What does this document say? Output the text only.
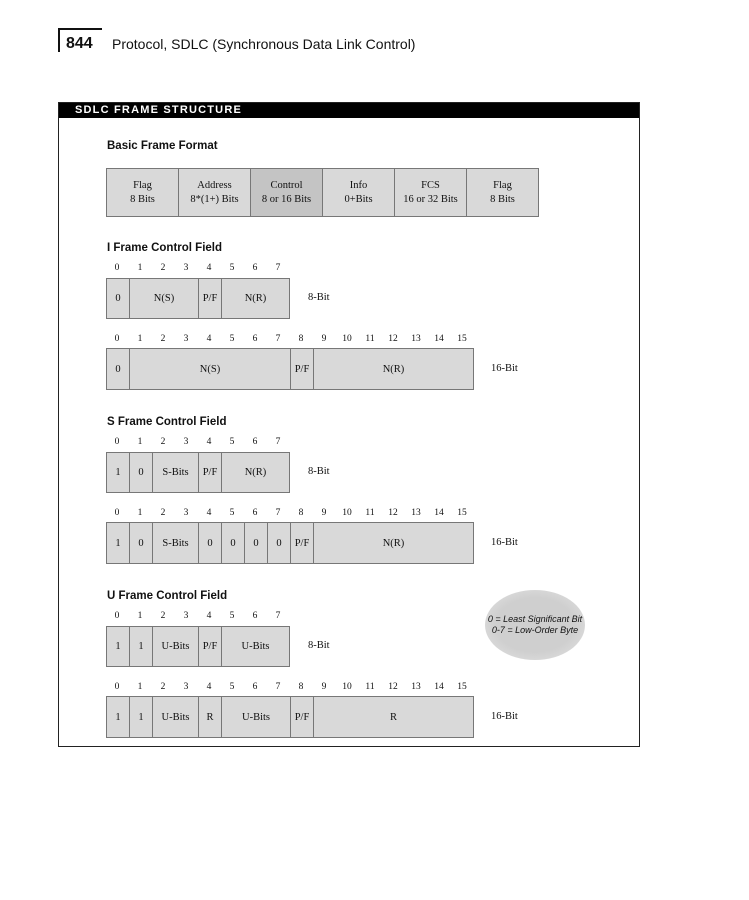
844 Protocol, SDLC (Synchronous Data Link Control)
SDLC FRAME STRUCTURE
Basic Frame Format
Flag
8 Bits
Address
8*(1+) Bits
Control
8 or 16 Bits
Info
0+Bits
FCS
16 or 32 Bits
Flag
8 Bits
I Frame Control Field
0	1	2	3	4	5	6	7
0	N(S)	P/F	N(R)	8-Bit
0	1	2	3	4	5	6	7	8	9	10 11 12 13 14 15
0	N(S)	P/F	N(R)	16-Bit
S Frame Control Field
0	1	2	3	4	5	6	7
1	0	S-Bits	P/F	N(R)	8-Bit
0	1	2	3	4	5	6	7	8	9	10 11 12 13 14 15
1	0	S-Bits	0	0	0	0	P/F	N(R)	16-Bit
U Frame Control Field
0	1	2	3	4	5	6	7
1	1	U-Bits	P/F	U-Bits	8-Bit
0 = Least Significant Bit
0-7 = Low-Order Byte
0	1	2	3	4	5	6	7	8	9	10 11 12 13 14 15
1	1	U-Bits	R	U-Bits	P/F	R	16-Bit
